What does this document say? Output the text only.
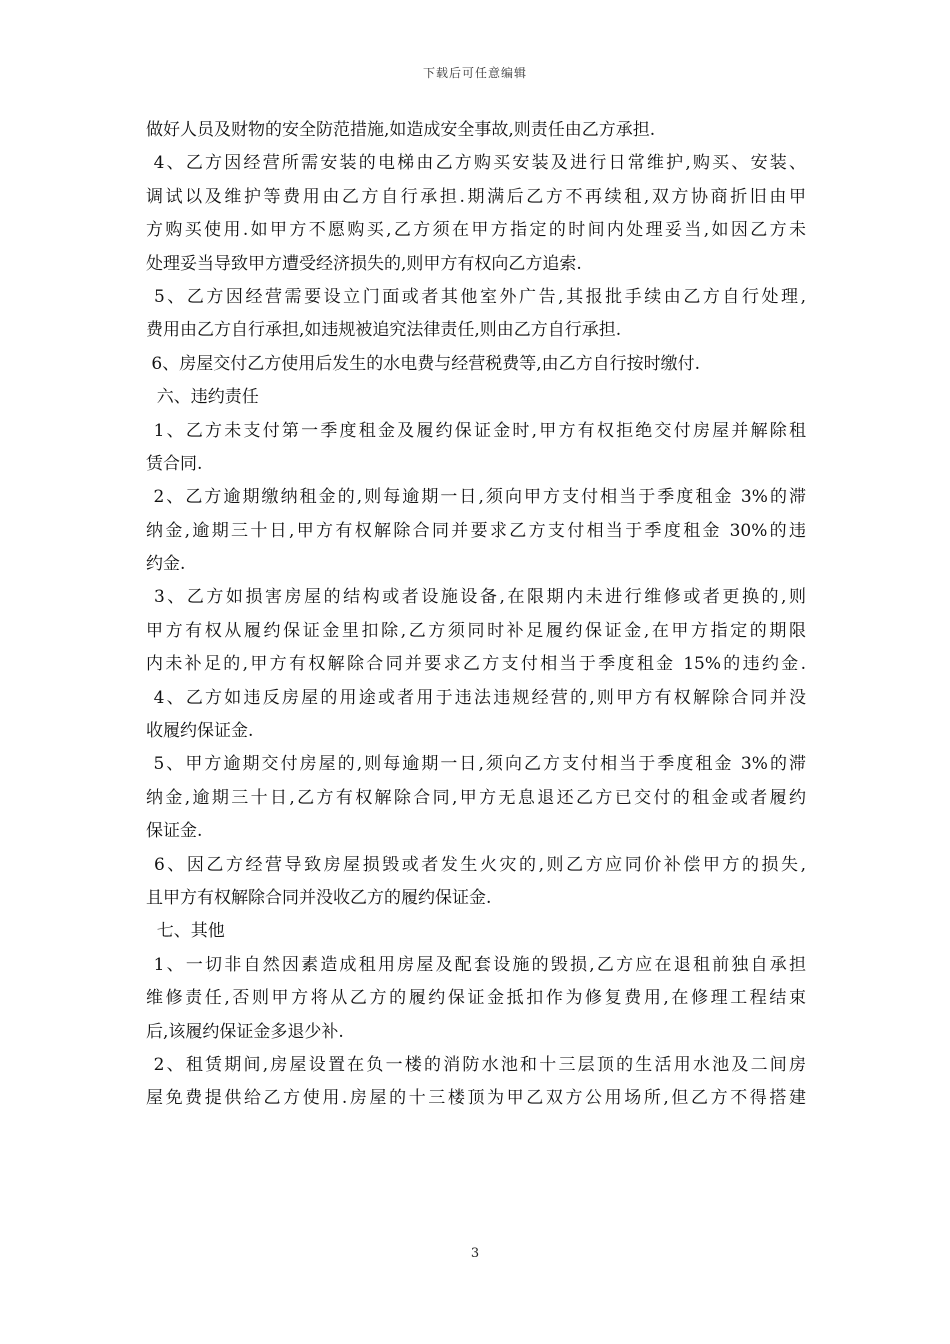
下载后可任意编辑
做好人员及财物的安全防范措施,如造成安全事故,则责任由乙方承担.
4、乙方因经营所需安装的电梯由乙方购买安装及进行日常维护,购买、安装、
调试以及维护等费用由乙方自行承担.期满后乙方不再续租,双方协商折旧由甲
方购买使用.如甲方不愿购买,乙方须在甲方指定的时间内处理妥当,如因乙方未
处理妥当导致甲方遭受经济损失的,则甲方有权向乙方追索.
5、乙方因经营需要设立门面或者其他室外广告,其报批手续由乙方自行处理,
费用由乙方自行承担,如违规被追究法律责任,则由乙方自行承担.
6、房屋交付乙方使用后发生的水电费与经营税费等,由乙方自行按时缴付.
六、违约责任
1、乙方未支付第一季度租金及履约保证金时,甲方有权拒绝交付房屋并解除租
赁合同.
2、乙方逾期缴纳租金的,则每逾期一日,须向甲方支付相当于季度租金 3%的滞
纳金,逾期三十日,甲方有权解除合同并要求乙方支付相当于季度租金 30%的违
约金.
3、乙方如损害房屋的结构或者设施设备,在限期内未进行维修或者更换的,则
甲方有权从履约保证金里扣除,乙方须同时补足履约保证金,在甲方指定的期限
内未补足的,甲方有权解除合同并要求乙方支付相当于季度租金 15%的违约金.
4、乙方如违反房屋的用途或者用于违法违规经营的,则甲方有权解除合同并没
收履约保证金.
5、甲方逾期交付房屋的,则每逾期一日,须向乙方支付相当于季度租金 3%的滞
纳金,逾期三十日,乙方有权解除合同,甲方无息退还乙方已交付的租金或者履约
保证金.
6、因乙方经营导致房屋损毁或者发生火灾的,则乙方应同价补偿甲方的损失,
且甲方有权解除合同并没收乙方的履约保证金.
七、其他
1、一切非自然因素造成租用房屋及配套设施的毁损,乙方应在退租前独自承担
维修责任,否则甲方将从乙方的履约保证金抵扣作为修复费用,在修理工程结束
后,该履约保证金多退少补.
2、租赁期间,房屋设置在负一楼的消防水池和十三层顶的生活用水池及二间房
屋免费提供给乙方使用.房屋的十三楼顶为甲乙双方公用场所,但乙方不得搭建
3
